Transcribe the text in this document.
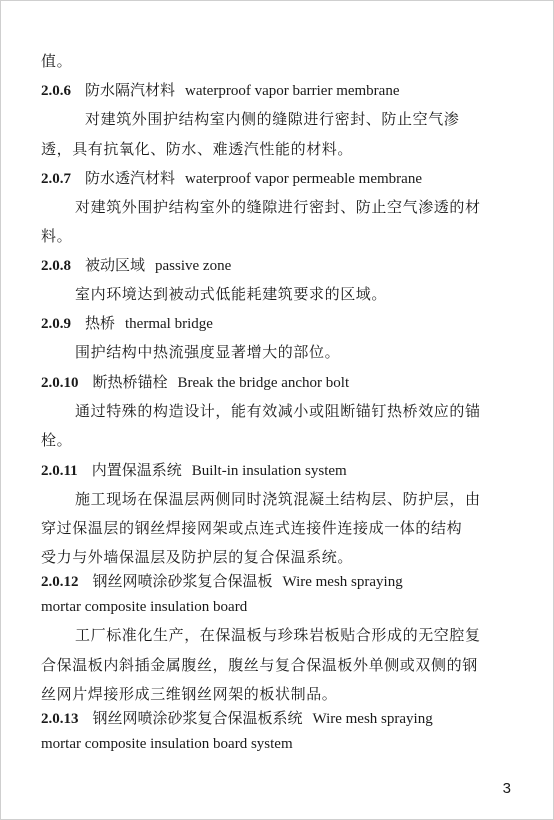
值。
2.0.6 防水隔汽材料 waterproof vapor barrier membrane
对建筑外围护结构室内侧的缝隙进行密封、防止空气渗
透，具有抗氧化、防水、难透汽性能的材料。
2.0.7 防水透汽材料 waterproof vapor permeable membrane
对建筑外围护结构室外的缝隙进行密封、防止空气渗透的材
料。
2.0.8 被动区域 passive zone
室内环境达到被动式低能耗建筑要求的区域。
2.0.9 热桥 thermal bridge
围护结构中热流强度显著增大的部位。
2.0.10 断热桥锚栓 Break the bridge anchor bolt
通过特殊的构造设计，能有效减小或阻断锚钉热桥效应的锚
栓。
2.0.11 内置保温系统 Built-in insulation system
施工现场在保温层两侧同时浇筑混凝土结构层、防护层，由
穿过保温层的钢丝焊接网架或点连式连接件连接成一体的结构
受力与外墙保温层及防护层的复合保温系统。
2.0.12 钢丝网喷涂砂浆复合保温板 Wire mesh spraying
mortar composite insulation board
工厂标准化生产，在保温板与珍珠岩板贴合形成的无空腔复
合保温板内斜插金属腹丝，腹丝与复合保温板外单侧或双侧的钢
丝网片焊接形成三维钢丝网架的板状制品。
2.0.13 钢丝网喷涂砂浆复合保温板系统 Wire mesh spraying
mortar composite insulation board system
3
